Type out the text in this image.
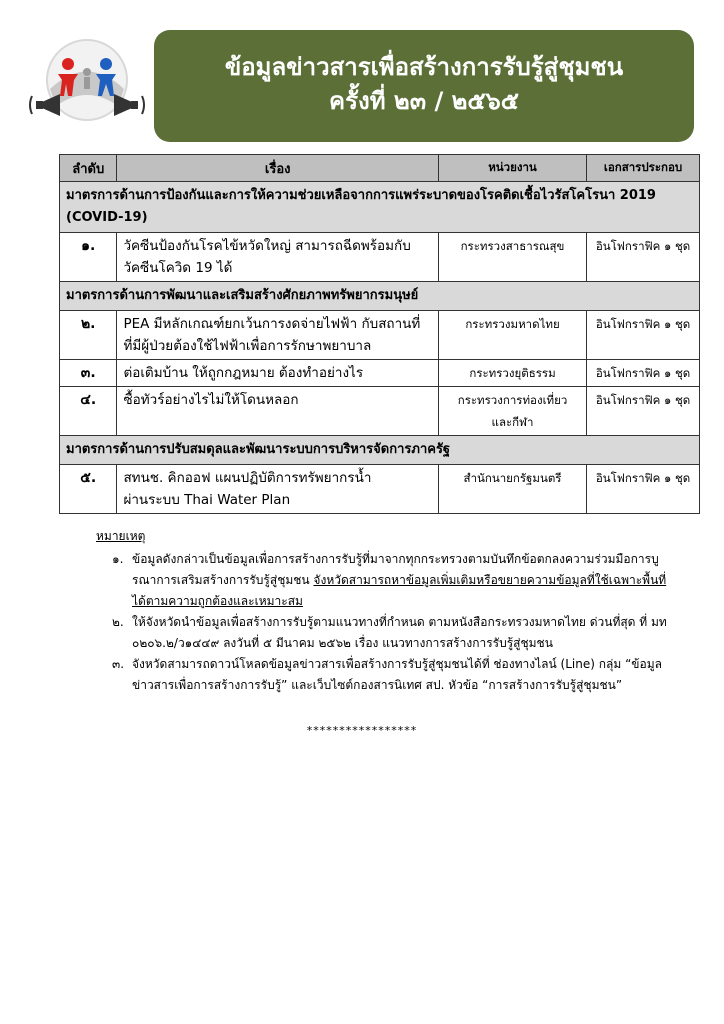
ข้อมูลข่าวสารเพื่อสร้างการรับรู้สู่ชุมชน
ครั้งที่ ๒๓ / ๒๕๖๕
ลำดับ	เรื่อง	หน่วยงาน	เอกสารประกอบ
มาตรการด้านการป้องกันและการให้ความช่วยเหลือจากการแพร่ระบาดของโรคติดเชื้อไวรัสโคโรนา 2019 (COVID-19)			
๑.	วัคซีนป้องกันโรคไข้หวัดใหญ่ สามารถฉีดพร้อมกับ
วัคซีนโควิด 19 ได้	กระทรวงสาธารณสุข	อินโฟกราฟิค ๑ ชุด
มาตรการด้านการพัฒนาและเสริมสร้างศักยภาพทรัพยากรมนุษย์			
๒.	PEA มีหลักเกณฑ์ยกเว้นการงดจ่ายไฟฟ้า กับสถานที่
ที่มีผู้ป่วยต้องใช้ไฟฟ้าเพื่อการรักษาพยาบาล	กระทรวงมหาดไทย	อินโฟกราฟิค ๑ ชุด
๓.	ต่อเติมบ้าน ให้ถูกกฎหมาย ต้องทำอย่างไร	กระทรวงยุติธรรม	อินโฟกราฟิค ๑ ชุด
๔.	ซื้อทัวร์อย่างไรไม่ให้โดนหลอก	กระทรวงการท่องเที่ยว
และกีฬา	อินโฟกราฟิค ๑ ชุด
มาตรการด้านการปรับสมดุลและพัฒนาระบบการบริหารจัดการภาครัฐ			
๕.	สทนช. คิกออฟ แผนปฏิบัติการทรัพยากรน้ำ
ผ่านระบบ Thai Water Plan	สำนักนายกรัฐมนตรี	อินโฟกราฟิค ๑ ชุด
หมายเหตุ
๑. ข้อมูลดังกล่าวเป็นข้อมูลเพื่อการสร้างการรับรู้ที่มาจากทุกกระทรวงตามบันทึกข้อตกลงความร่วมมือการบูรณาการเสริมสร้างการรับรู้สู่ชุมชน จังหวัดสามารถหาข้อมูลเพิ่มเติมหรือขยายความข้อมูลที่ใช้เฉพาะพื้นที่ได้ตามความถูกต้องและเหมาะสม
๒. ให้จังหวัดนำข้อมูลเพื่อสร้างการรับรู้ตามแนวทางที่กำหนด ตามหนังสือกระทรวงมหาดไทย ด่วนที่สุด ที่ มท ๐๒๐๖.๒/ว๑๔๔๙ ลงวันที่ ๕ มีนาคม ๒๕๖๒ เรื่อง แนวทางการสร้างการรับรู้สู่ชุมชน
๓. จังหวัดสามารถดาวน์โหลดข้อมูลข่าวสารเพื่อสร้างการรับรู้สู่ชุมชนได้ที่ ช่องทางไลน์ (Line) กลุ่ม “ข้อมูลข่าวสารเพื่อการสร้างการรับรู้” และเว็บไซต์กองสารนิเทศ สป. หัวข้อ “การสร้างการรับรู้สู่ชุมชน”
*****************
